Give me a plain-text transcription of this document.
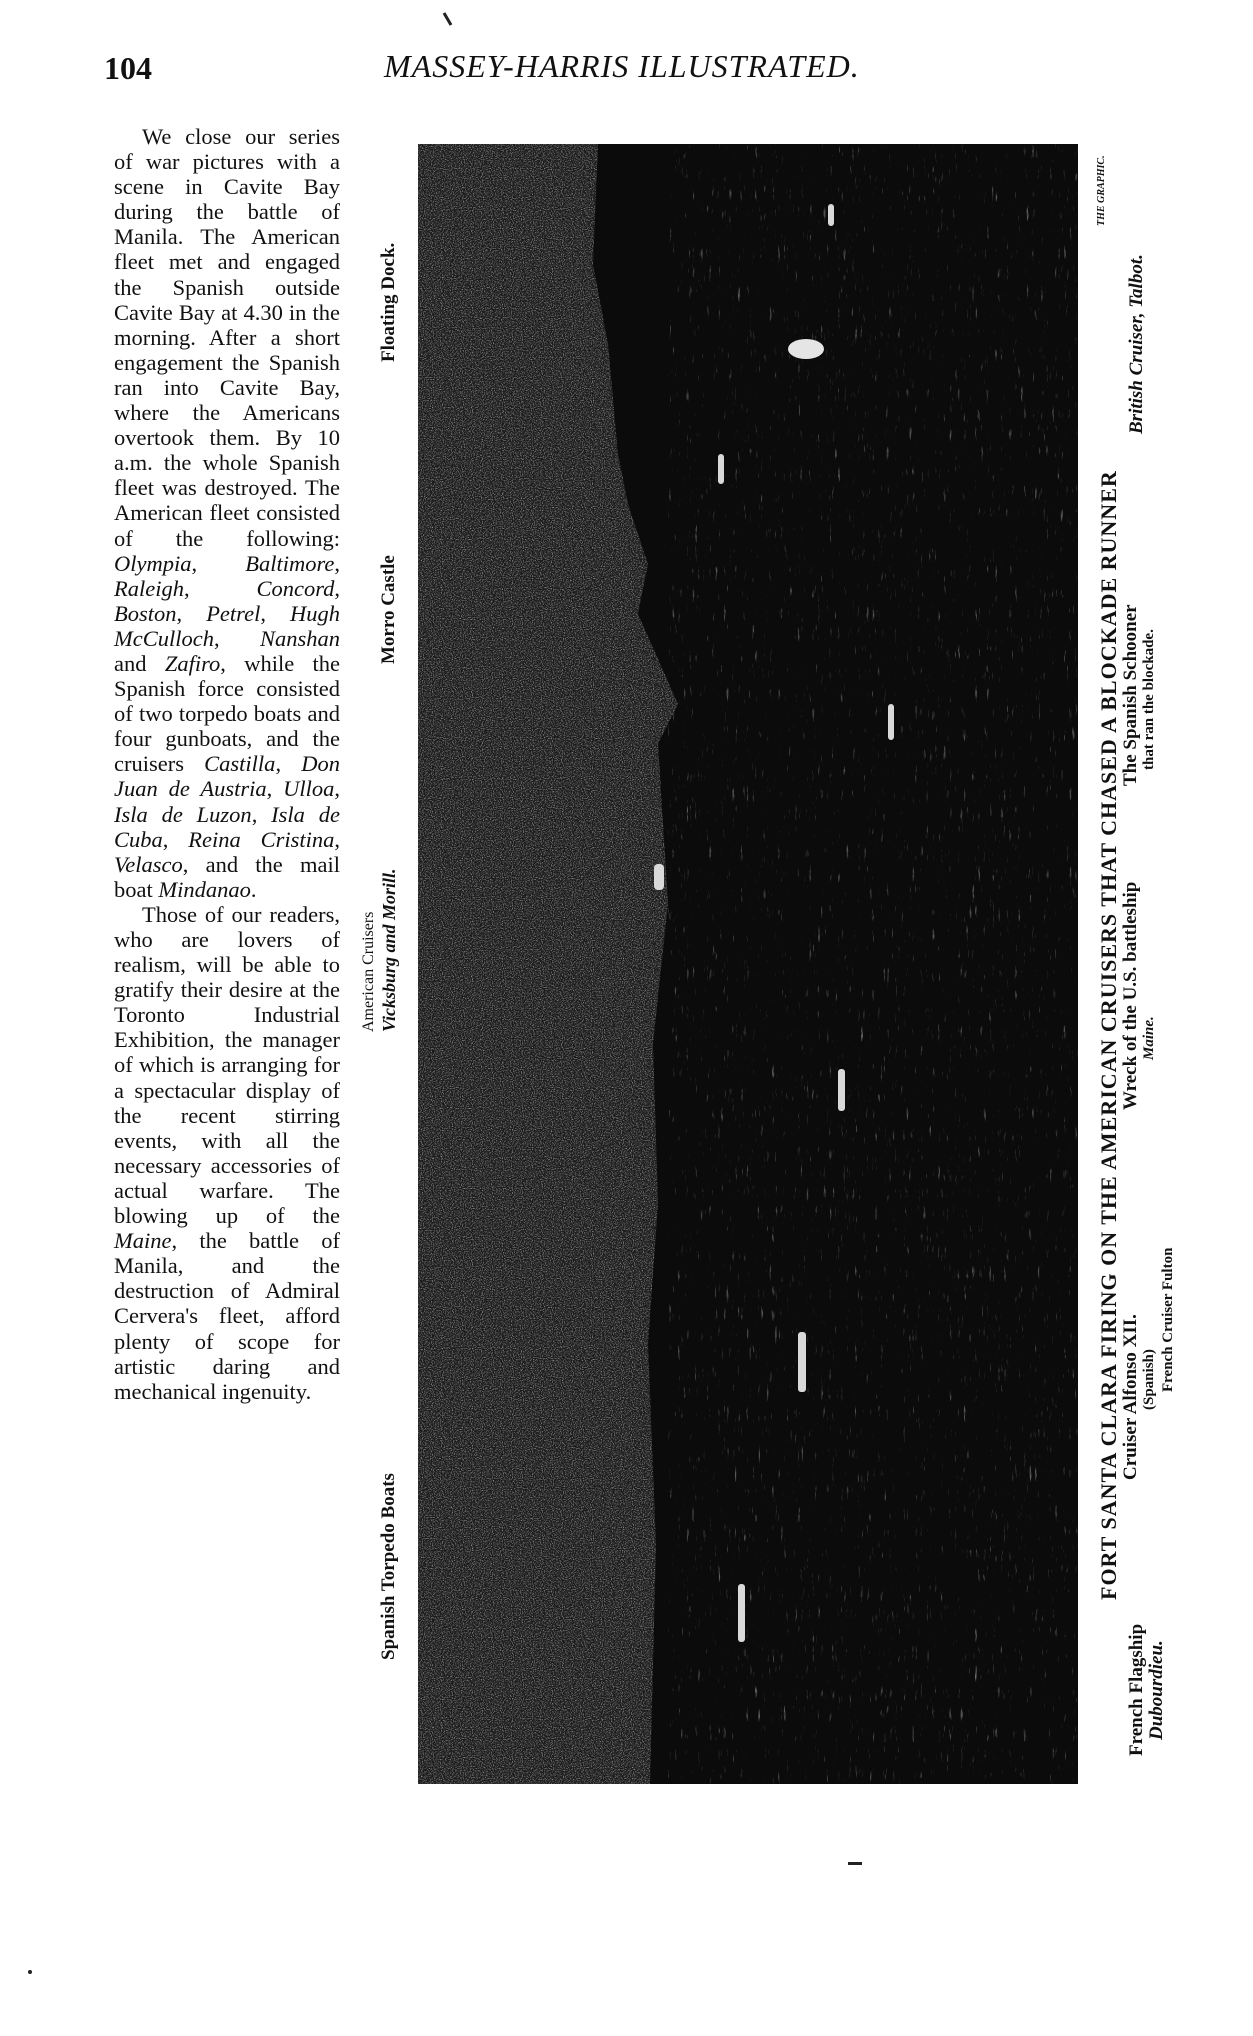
104	MASSEY-HARRIS ILLUSTRATED.

We close our series of war pictures with a scene in Cavite Bay during the battle of Manila. The American fleet met and engaged the Spanish outside Cavite Bay at 4.30 in the morning. After a short engagement the Spanish ran into Cavite Bay, where the Americans overtook them. By 10 a.m. the whole Spanish fleet was destroyed. The American fleet consisted of the following: Olympia, Baltimore, Raleigh, Concord, Boston, Petrel, Hugh McCulloch, Nanshan and Zafiro, while the Spanish force consisted of two torpedo boats and four gunboats, and the cruisers Castilla, Don Juan de Austria, Ulloa, Isla de Luzon, Isla de Cuba, Reina Cristina, Velasco, and the mail boat Mindanao.

Those of our readers, who are lovers of realism, will be able to gratify their desire at the Toronto Industrial Exhibition, the manager of which is arranging for a spectacular display of the recent stirring events, with all the necessary accessories of actual warfare. The blowing up of the Maine, the battle of Manila, and the destruction of Admiral Cervera's fleet, afford plenty of scope for artistic daring and mechanical ingenuity.

Floating Dock.
Morro Castle
American Cruisers Vicksburg and Morill.
Spanish Torpedo Boats	FORT SANTA CLARA FIRING ON THE AMERICAN CRUISERS THAT CHASED A BLOCKADE RUNNER
THE GRAPHIC.
British Cruiser, Talbot.
The Spanish Schooner that ran the blockade.
Wreck of the U.S. battleship Maine.
French Cruiser Fulton
Cruiser Alfonso XII. (Spanish)
French Flagship Dubourdieu.
